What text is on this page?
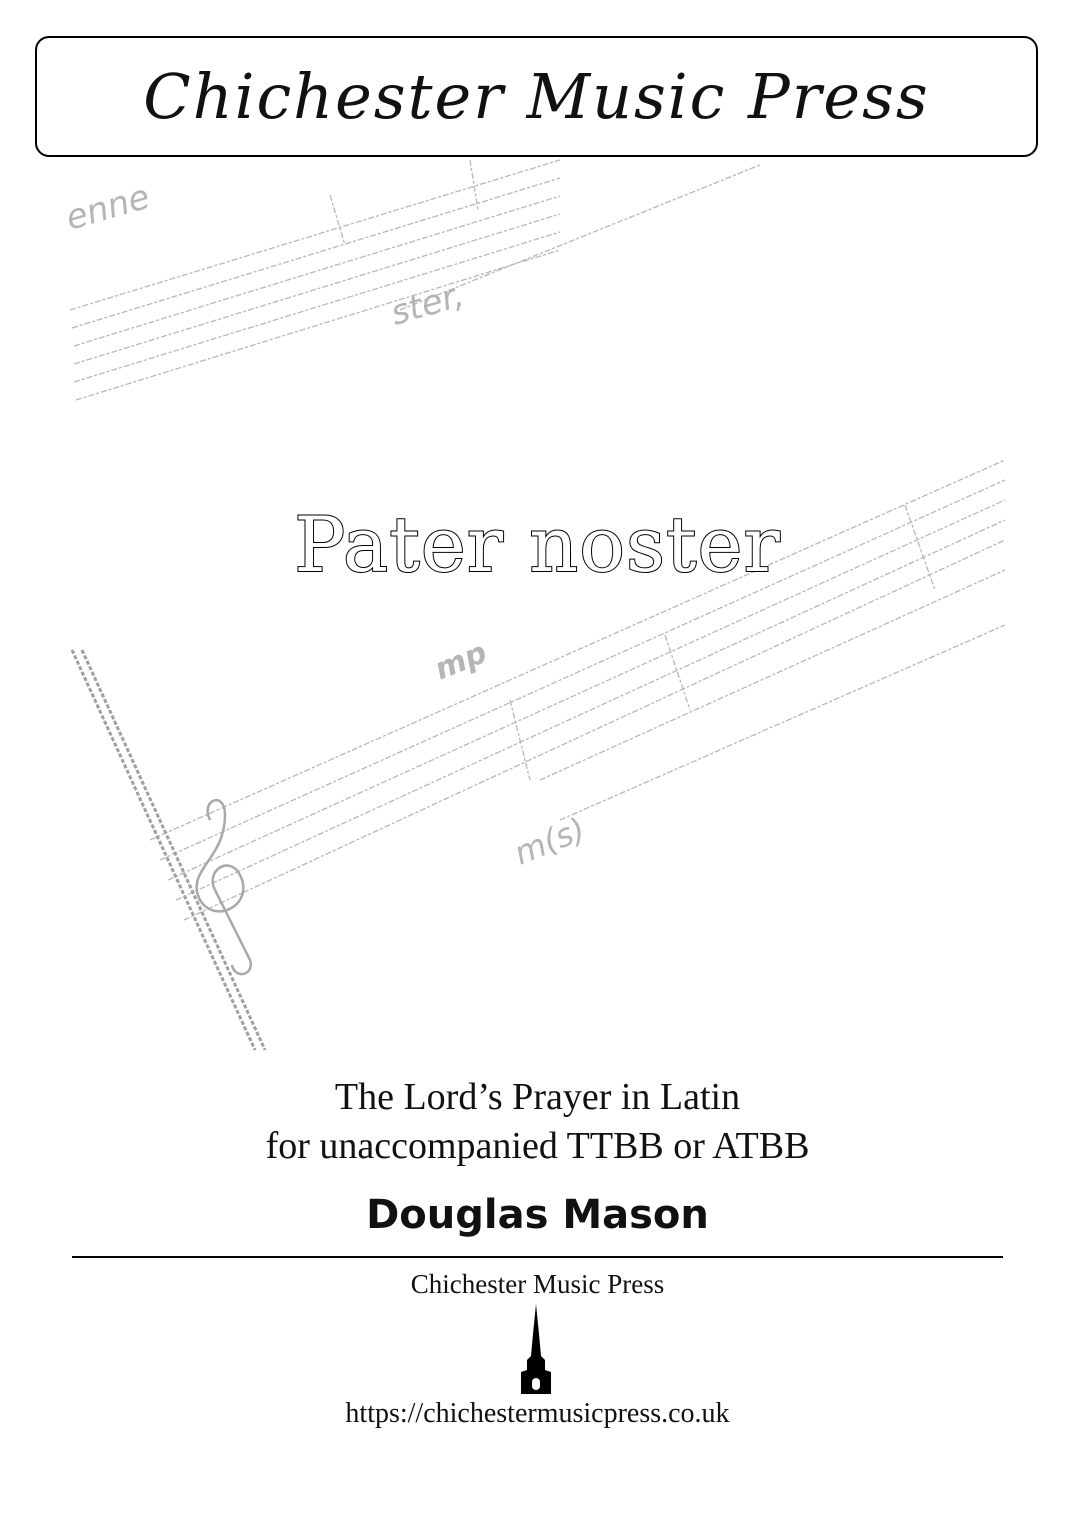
enne
ster,
mp
m(s)
Chichester Music Press
Pater noster
The Lord’s Prayer in Latin
for unaccompanied TTBB or ATBB
Douglas Mason
Chichester Music Press
https://chichestermusicpress.co.uk
